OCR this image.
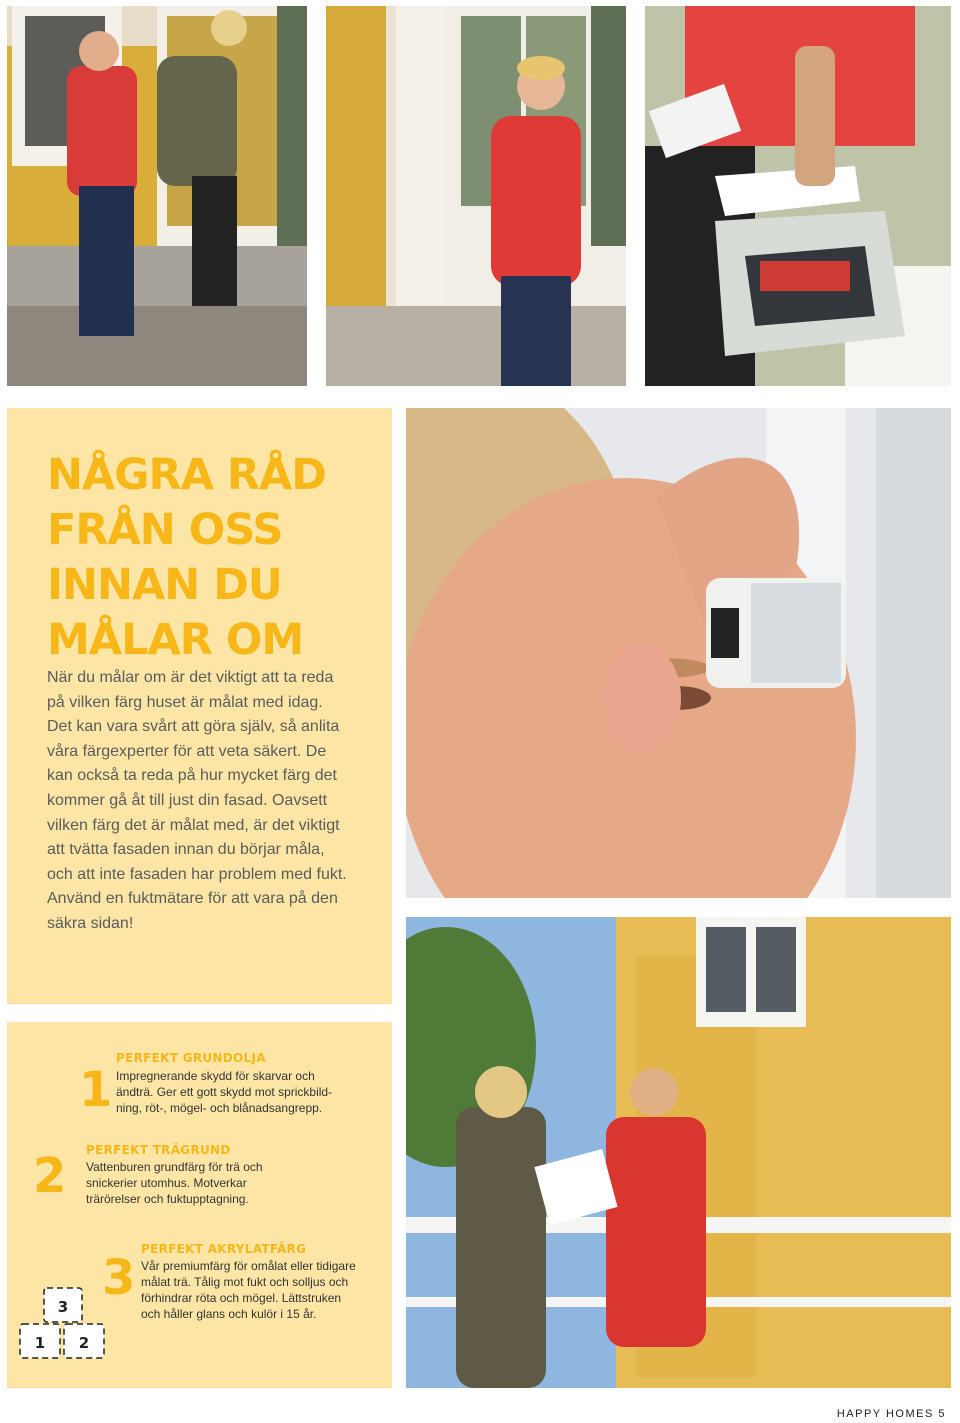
NÅGRA RÅD
FRÅN OSS
INNAN DU
MÅLAR OM

När du målar om är det viktigt att ta reda på vilken färg huset är målat med idag. Det kan vara svårt att göra själv, så anlita våra färgexperter för att veta säkert. De kan också ta reda på hur mycket färg det kommer gå åt till just din fasad. Oavsett vilken färg det är målat med, är det viktigt att tvätta fasaden innan du börjar måla, och att inte fasaden har problem med fukt. Använd en fuktmätare för att vara på den säkra sidan!

1
PERFEKT GRUNDOLJA
Impregnerande skydd för skarvar och
ändträ. Ger ett gott skydd mot sprickbild-
ning, röt-, mögel- och blånadsangrepp.
2 PERFEKT TRÄGRUND
Vattenburen grundfärg för trä och
snickerier utomhus. Motverkar
trärörelser och fuktupptagning.
3
PERFEKT AKRYLATFÄRG
Vår premiumfärg för omålat eller tidigare
målat trä. Tålig mot fukt och solljus och
förhindrar röta och mögel. Lättstruken
och håller glans och kulör i 15 år.
3
1 2
HAPPY HOMES 5
